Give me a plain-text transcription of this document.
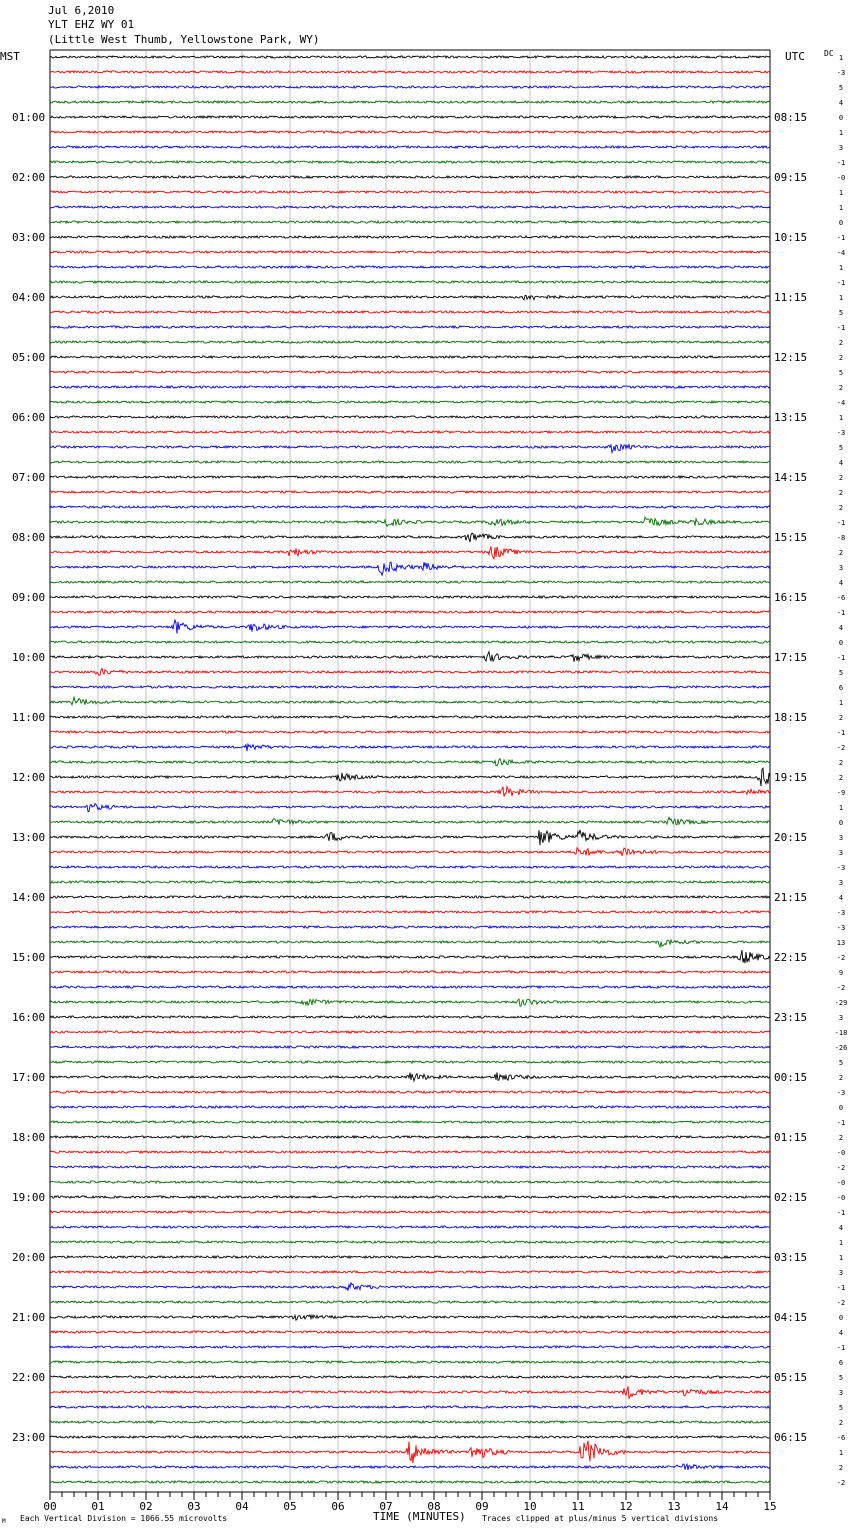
Jul 6,2010
YLT EHZ WY 01
(Little West Thumb, Yellowstone Park, WY)
MST	UTC DC 1
-3
5
4
0
1
3
-1
-0
1
1
0
-1
-4
1
-1
1
5
-1
2
2
5
2
-4
1
-3
5
4
2
2
2
-1
-8
2
3
4
-6
-1
4
0
-1
5
6
1
2
-1
-2
2
2
-9
1
0
3
3
-3
3
4
-3
-3
13
-2
9
-2
-29
3
-18
-26
5
2
-3
0
-1
2
-0
-2
-0
-0
-1
4
1
1
3
-1
-2
0
4
-1
6
5
3
5
2
-6
1
2
-2
01:00
02:00
03:00
04:00
05:00
06:00
07:00
08:00
09:00
10:00
11:00
12:00
13:00
14:00
15:00
16:00
17:00
18:00
19:00
20:00
21:00
22:00
23:00
08:15
09:15
10:15
11:15
12:15
13:15
14:15
15:15
16:15
17:15
18:15
19:15
20:15
21:15
22:15
23:15
00:15
01:15
02:15
03:15
04:15
05:15
06:15
00	01	02	03	04	05	06	07	08	09	10	11	12	13	14	15
M Each Vertical Division = 1066.55 microvolts	TIME (MINUTES) Traces clipped at plus/minus 5 vertical divisions
